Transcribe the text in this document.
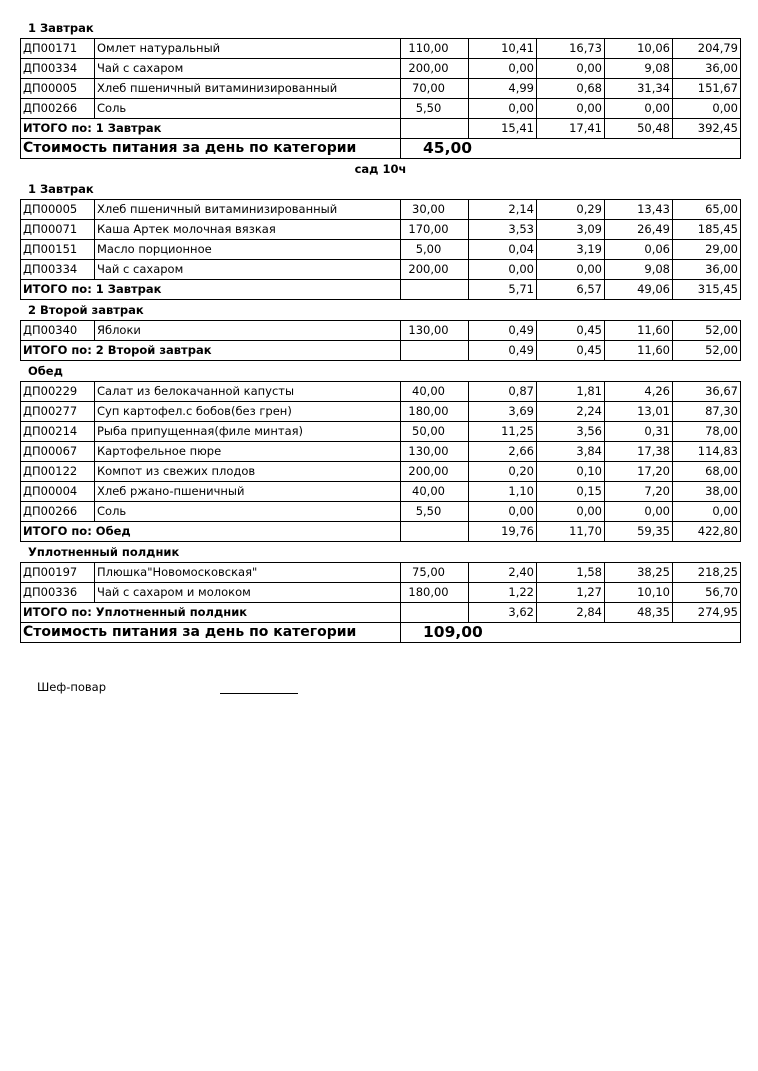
1 Завтрак
ДП00171	Омлет натуральный	110,00	10,41	16,73	10,06	204,79
ДП00334	Чай с сахаром	200,00	0,00	0,00	9,08	36,00
ДП00005	Хлеб пшеничный витаминизированный	70,00	4,99	0,68	31,34	151,67
ДП00266	Соль	5,50	0,00	0,00	0,00	0,00
ИТОГО по: 1 Завтрак			15,41	17,41	50,48	392,45
Стоимость питания за день по категории		45,00				
сад 10ч
1 Завтрак
ДП00005	Хлеб пшеничный витаминизированный	30,00	2,14	0,29	13,43	65,00
ДП00071	Каша Артек молочная вязкая	170,00	3,53	3,09	26,49	185,45
ДП00151	Масло порционное	5,00	0,04	3,19	0,06	29,00
ДП00334	Чай с сахаром	200,00	0,00	0,00	9,08	36,00
ИТОГО по: 1 Завтрак			5,71	6,57	49,06	315,45
2 Второй завтрак
ДП00340	Яблоки	130,00	0,49	0,45	11,60	52,00
ИТОГО по: 2 Второй завтрак			0,49	0,45	11,60	52,00
Обед
ДП00229	Салат из белокачанной капусты	40,00	0,87	1,81	4,26	36,67
ДП00277	Суп картофел.с бобов(без грен)	180,00	3,69	2,24	13,01	87,30
ДП00214	Рыба припущенная(филе минтая)	50,00	11,25	3,56	0,31	78,00
ДП00067	Картофельное пюре	130,00	2,66	3,84	17,38	114,83
ДП00122	Компот из свежих плодов	200,00	0,20	0,10	17,20	68,00
ДП00004	Хлеб ржано-пшеничный	40,00	1,10	0,15	7,20	38,00
ДП00266	Соль	5,50	0,00	0,00	0,00	0,00
ИТОГО по: Обед			19,76	11,70	59,35	422,80
Уплотненный полдник
ДП00197	Плюшка"Новомосковская"	75,00	2,40	1,58	38,25	218,25
ДП00336	Чай с сахаром и молоком	180,00	1,22	1,27	10,10	56,70
ИТОГО по: Уплотненный полдник			3,62	2,84	48,35	274,95
Стоимость питания за день по категории		109,00				
Шеф-повар
